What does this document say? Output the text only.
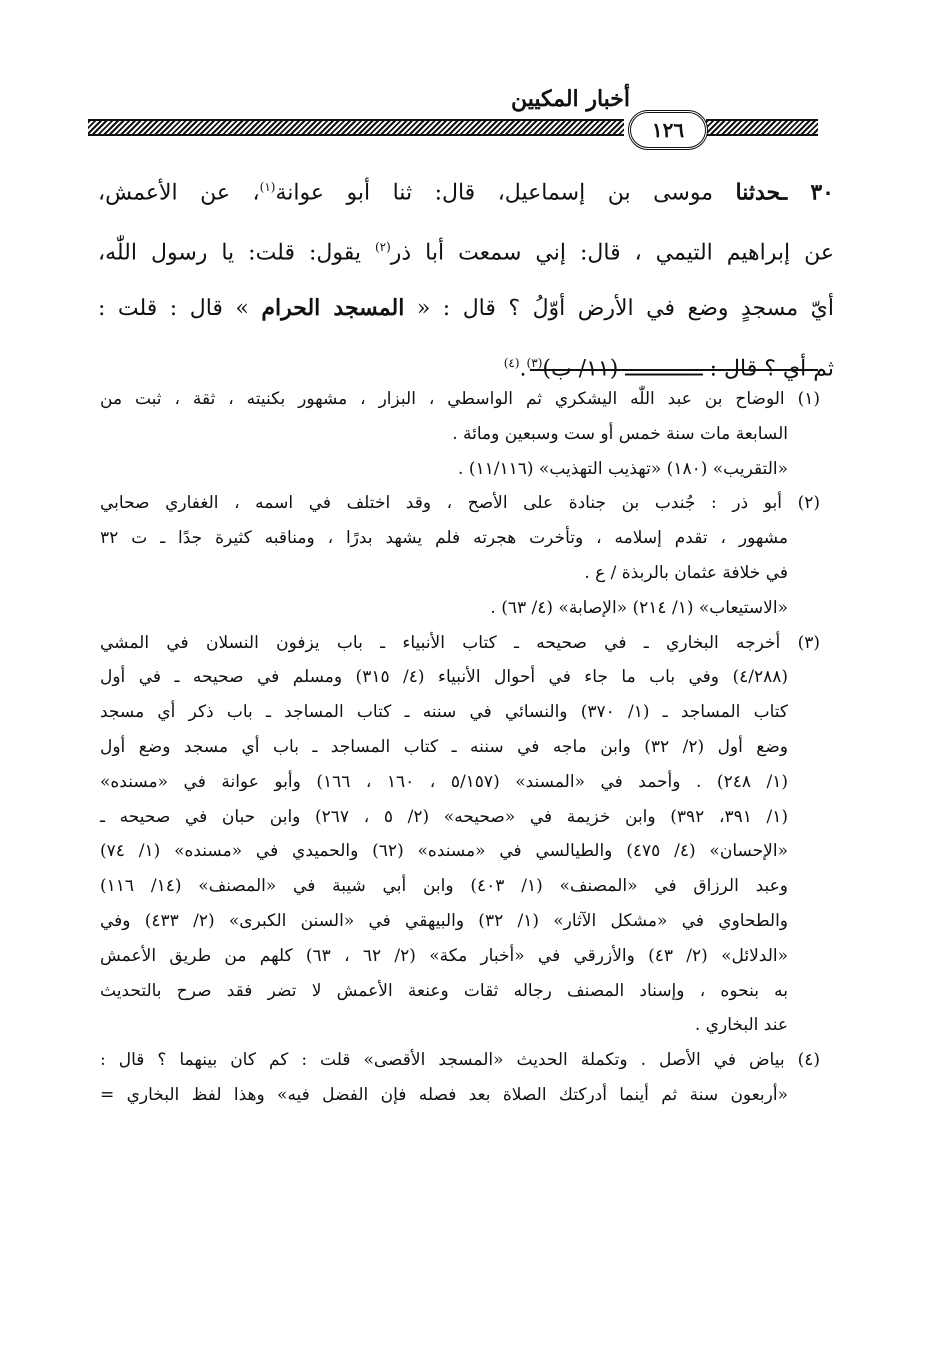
أخبار المكيين
١٢٦
٣٠ ـحدثنا موسى بن إسماعيل، قال: ثنا أبو عوانة$^{(١)}$، عن الأعمش،
عن إبراهيم التيمي ، قال: إني سمعت أبا ذر$^{(٢)}$ يقول: قلت: يا رسول اللّٰه،
أيّ مسجدٍ وضع في الأرض أوّلُ ؟ قال : « المسجد الحرام » قال : قلت :
ثم أي ؟ قال : ــــــــــــ (١١/ ب)$^{(٣)}$.$^{(٤)}$
(١) الوضاح بن عبد اللّٰه اليشكري ثم الواسطي ، البزار ، مشهور بكنيته ، ثقة ، ثبت من
السابعة مات سنة خمس أو ست وسبعين ومائة .
«التقريب» (١٨٠) «تهذيب التهذيب» (١١/١١٦) .
(٢) أبو ذر : جُندب بن جنادة على الأصح ، وقد اختلف في اسمه ، الغفاري صحابي
مشهور ، تقدم إسلامه ، وتأخرت هجرته فلم يشهد بدرًا ، ومناقبه كثيرة جدًا ـ ت ٣٢
في خلافة عثمان بالربذة / ع .
«الاستيعاب» (١/ ٢١٤) «الإصابة» (٤/ ٦٣) .
(٣) أخرجه البخاري ـ في صحيحه ـ كتاب الأنبياء ـ باب يزفون النسلان في المشي
(٤/٢٨٨) وفي باب ما جاء في أحوال الأنبياء (٤/ ٣١٥) ومسلم في صحيحه ـ في أول
كتاب المساجد ـ (١/ ٣٧٠) والنسائي في سننه ـ كتاب المساجد ـ باب ذكر أي مسجد
وضع أول (٢/ ٣٢) وابن ماجه في سننه ـ كتاب المساجد ـ باب أي مسجد وضع أول
(١/ ٢٤٨) . وأحمد في «المسند» (٥/١٥٧ ، ١٦٠ ، ١٦٦) وأبو عوانة في «مسنده»
(١/ ٣٩١، ٣٩٢) وابن خزيمة في «صحيحه» (٢/ ٥ ، ٢٦٧) وابن حبان في صحيحه ـ
«الإحسان» (٤/ ٤٧٥) والطيالسي في «مسنده» (٦٢) والحميدي في «مسنده» (١/ ٧٤)
وعبد الرزاق في «المصنف» (١/ ٤٠٣) وابن أبي شيبة في «المصنف» (١٤/ ١١٦)
والطحاوي في «مشكل الآثار» (١/ ٣٢) والبيهقي في «السنن الكبرى» (٢/ ٤٣٣) وفي
«الدلائل» (٢/ ٤٣) والأزرقي في «أخبار مكة» (٢/ ٦٢ ، ٦٣) كلهم من طريق الأعمش
به بنحوه ، وإسناد المصنف رجاله ثقات وعنعة الأعمش لا تضر فقد صرح بالتحديث
عند البخاري .
(٤) بياض في الأصل . وتكملة الحديث «المسجد الأقصى» قلت : كم كان بينهما ؟ قال :
«أربعون سنة ثم أينما أدركتك الصلاة بعد فصله فإن الفضل فيه» وهذا لفظ البخاري =
